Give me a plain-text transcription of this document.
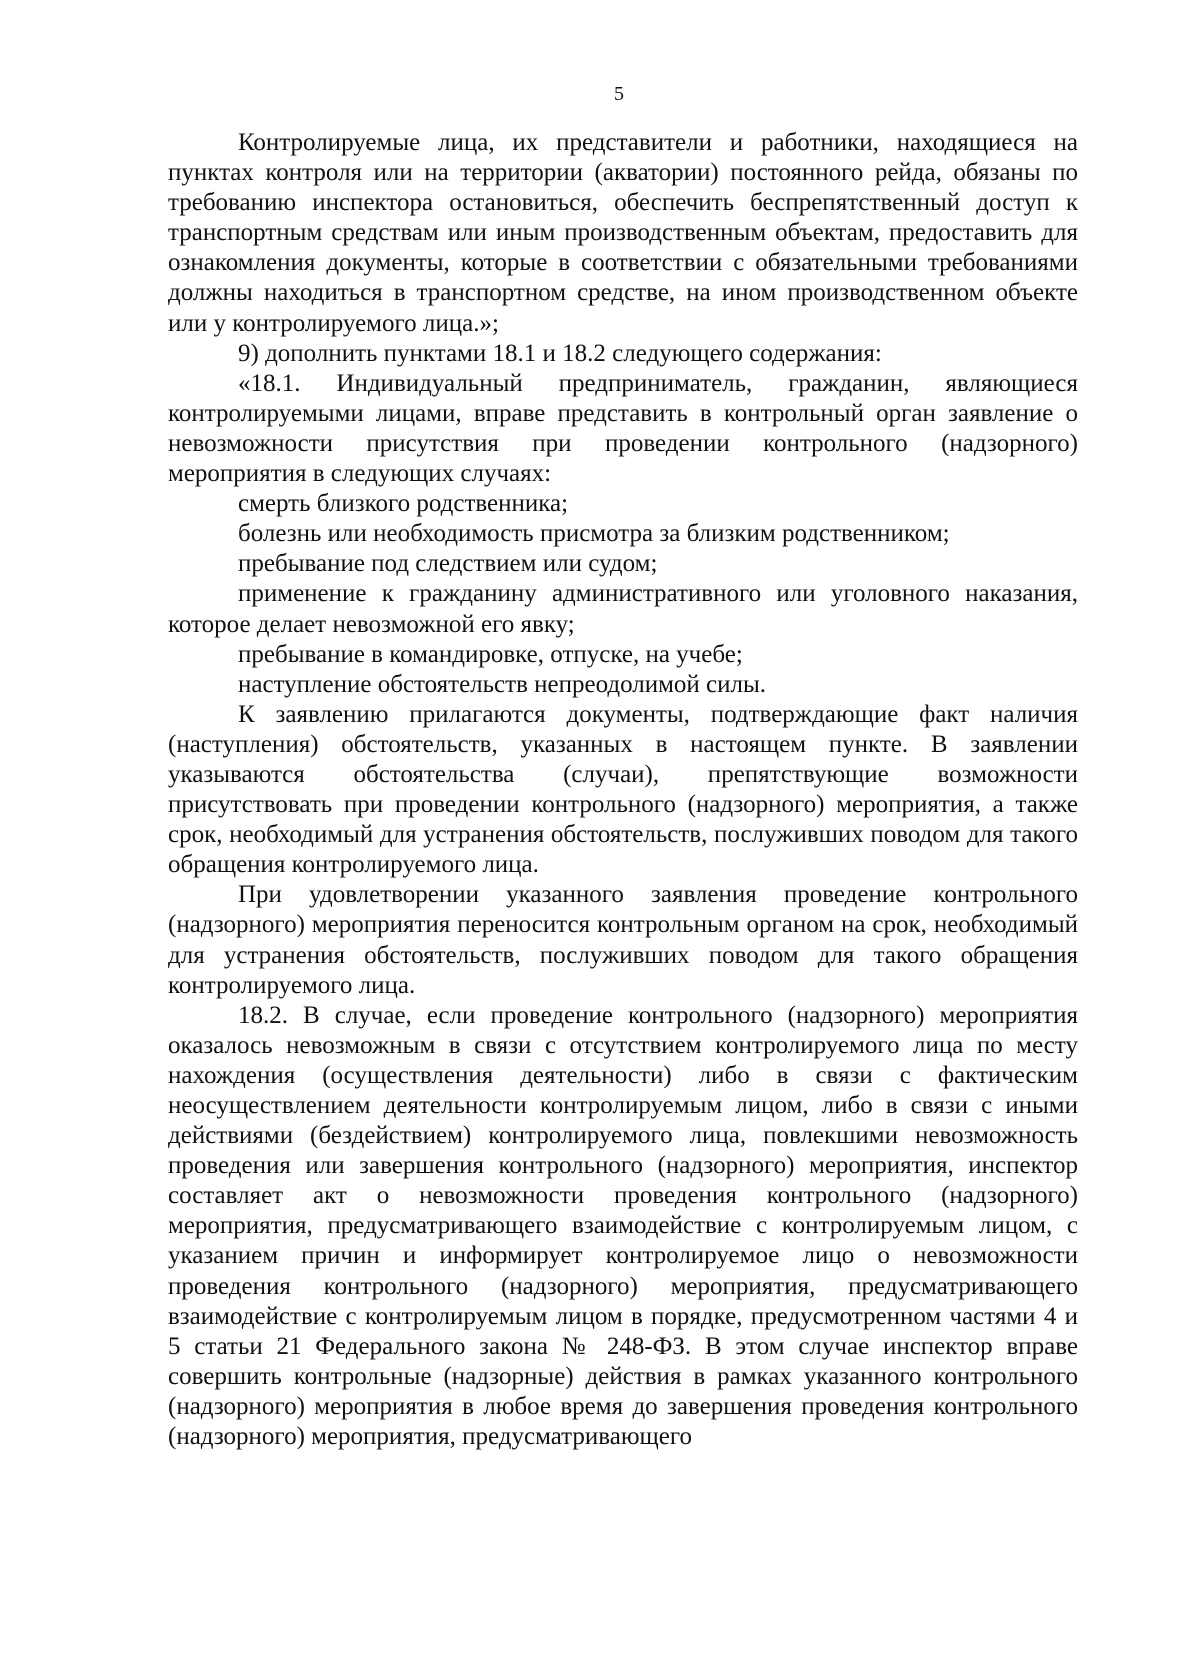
5

Контролируемые лица, их представители и работники, находящиеся на пунктах контроля или на территории (акватории) постоянного рейда, обязаны по требованию инспектора остановиться, обеспечить беспрепятственный доступ к транспортным средствам или иным производственным объектам, предоставить для ознакомления документы, которые в соответствии с обязательными требованиями должны находиться в транспортном средстве, на ином производственном объекте или у контролируемого лица.»;

9) дополнить пунктами 18.1 и 18.2 следующего содержания:

«18.1. Индивидуальный предприниматель, гражданин, являющиеся контролируемыми лицами, вправе представить в контрольный орган заявление о невозможности присутствия при проведении контрольного (надзорного) мероприятия в следующих случаях:

смерть близкого родственника;

болезнь или необходимость присмотра за близким родственником;

пребывание под следствием или судом;

применение к гражданину административного или уголовного наказания, которое делает невозможной его явку;

пребывание в командировке, отпуске, на учебе;

наступление обстоятельств непреодолимой силы.

К заявлению прилагаются документы, подтверждающие факт наличия (наступления) обстоятельств, указанных в настоящем пункте. В заявлении указываются обстоятельства (случаи), препятствующие возможности присутствовать при проведении контрольного (надзорного) мероприятия, а также срок, необходимый для устранения обстоятельств, послуживших поводом для такого обращения контролируемого лица.

При удовлетворении указанного заявления проведение контрольного (надзорного) мероприятия переносится контрольным органом на срок, необходимый для устранения обстоятельств, послуживших поводом для такого обращения контролируемого лица.

18.2. В случае, если проведение контрольного (надзорного) мероприятия оказалось невозможным в связи с отсутствием контролируемого лица по месту нахождения (осуществления деятельности) либо в связи с фактическим неосуществлением деятельности контролируемым лицом, либо в связи с иными действиями (бездействием) контролируемого лица, повлекшими невозможность проведения или завершения контрольного (надзорного) мероприятия, инспектор составляет акт о невозможности проведения контрольного (надзорного) мероприятия, предусматривающего взаимодействие с контролируемым лицом, с указанием причин и информирует контролируемое лицо о невозможности проведения контрольного (надзорного) мероприятия, предусматривающего взаимодействие с контролируемым лицом в порядке, предусмотренном частями 4 и 5 статьи 21 Федерального закона № 248-ФЗ. В этом случае инспектор вправе совершить контрольные (надзорные) действия в рамках указанного контрольного (надзорного) мероприятия в любое время до завершения проведения контрольного (надзорного) мероприятия, предусматривающего
